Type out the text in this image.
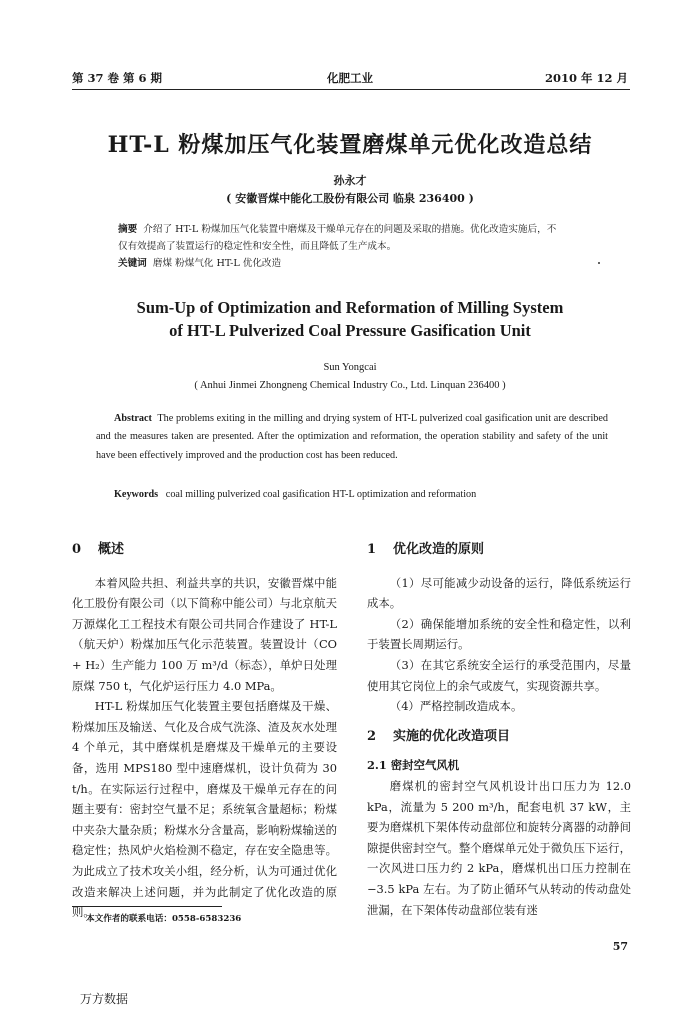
第 37 卷 第 6 期	化肥工业	2010 年 12 月
HT-L 粉煤加压气化装置磨煤单元优化改造总结
孙永才
( 安徽晋煤中能化工股份有限公司 临泉 236400 )
摘要 介绍了 HT-L 粉煤加压气化装置中磨煤及干燥单元存在的问题及采取的措施。优化改造实施后，不
仅有效提高了装置运行的稳定性和安全性，而且降低了生产成本。
关键词 磨煤 粉煤气化 HT-L 优化改造
Sum-Up of Optimization and Reformation of Milling System
of HT-L Pulverized Coal Pressure Gasification Unit
Sun Yongcai
( Anhui Jinmei Zhongneng Chemical Industry Co., Ltd. Linquan 236400 )
Abstract The problems exiting in the milling and drying system of HT-L pulverized coal gasification unit are described and the measures taken are presented. After the optimization and reformation, the operation stability and safety of the unit have been effectively improved and the production cost has been reduced.
Keywords coal milling pulverized coal gasification HT-L optimization and reformation
0 概述

本着风险共担、利益共享的共识，安徽晋煤中能化工股份有限公司（以下简称中能公司）与北京航天万源煤化工工程技术有限公司共同合作建设了 HT-L（航天炉）粉煤加压气化示范装置。装置设计（CO + H₂）生产能力 100 万 m³/d（标态），单炉日处理原煤 750 t，气化炉运行压力 4.0 MPa。

HT-L 粉煤加压气化装置主要包括磨煤及干燥、粉煤加压及输送、气化及合成气洗涤、渣及灰水处理 4 个单元，其中磨煤机是磨煤及干燥单元的主要设备，选用 MPS180 型中速磨煤机，设计负荷为 30 t/h。在实际运行过程中，磨煤及干燥单元存在的问题主要有：密封空气量不足；系统氧含量超标；粉煤中夹杂大量杂质；粉煤水分含量高，影响粉煤输送的稳定性；热风炉火焰检测不稳定，存在安全隐患等。为此成立了技术攻关小组，经分析，认为可通过优化改造来解决上述问题，并为此制定了优化改造的原则。

1 优化改造的原则

（1）尽可能减少动设备的运行，降低系统运行成本。

（2）确保能增加系统的安全性和稳定性，以利于装置长周期运行。

（3）在其它系统安全运行的承受范围内，尽量使用其它岗位上的余气或废气，实现资源共享。

（4）严格控制改造成本。

2 实施的优化改造项目
2.1 密封空气风机

磨煤机的密封空气风机设计出口压力为 12.0 kPa，流量为 5 200 m³/h，配套电机 37 kW，主要为磨煤机下架体传动盘部位和旋转分离器的动静间隙提供密封空气。整个磨煤单元处于微负压下运行，一次风进口压力约 2 kPa，磨煤机出口压力控制在 −3.5 kPa 左右。为了防止循环气从转动的传动盘处泄漏，在下架体传动盘部位装有迷

本文作者的联系电话：0558-6583236
57
万方数据
